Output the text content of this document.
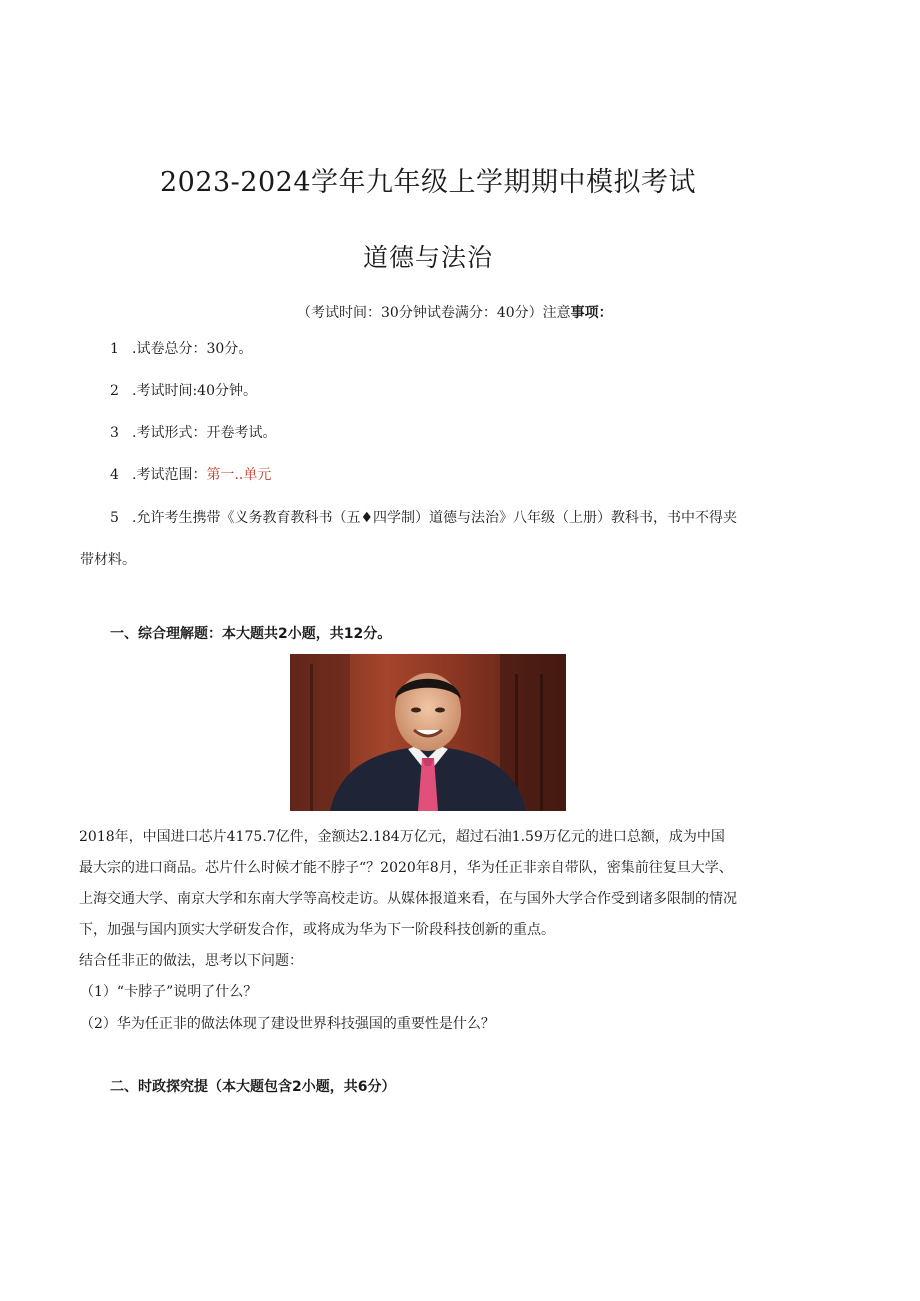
2023-2024学年九年级上学期期中模拟考试
道德与法治
（考试时间：30分钟试卷满分：40分）注意事项：
1 .试卷总分：30分。
2 .考试时间:40分钟。
3 .考试形式：开卷考试。
4 .考试范围：第一..单元
5 .允许考生携带《义务教育教科书（五♦四学制）道德与法治》八年级（上册）教科书，书中不得夹
带材料。
一、综合理解题：本大题共2小题，共12分。
2018年，中国进口芯片4175.7亿件，金额达2.184万亿元，超过石油1.59万亿元的进口总额，成为中国
最大宗的进口商品。芯片什么时候才能不脖子“？2020年8月，华为任正非亲自带队，密集前往复旦大学、
上海交通大学、南京大学和东南大学等高校走访。从媒体报道来看，在与国外大学合作受到诸多限制的情况
下，加强与国内顶实大学研发合作，或将成为华为下一阶段科技创新的重点。
结合任非正的做法，思考以下问题：
（1）“卡脖子”说明了什么？
（2）华为任正非的做法体现了建设世界科技强国的重要性是什么？
二、时政探究提（本大题包含2小题，共6分）
